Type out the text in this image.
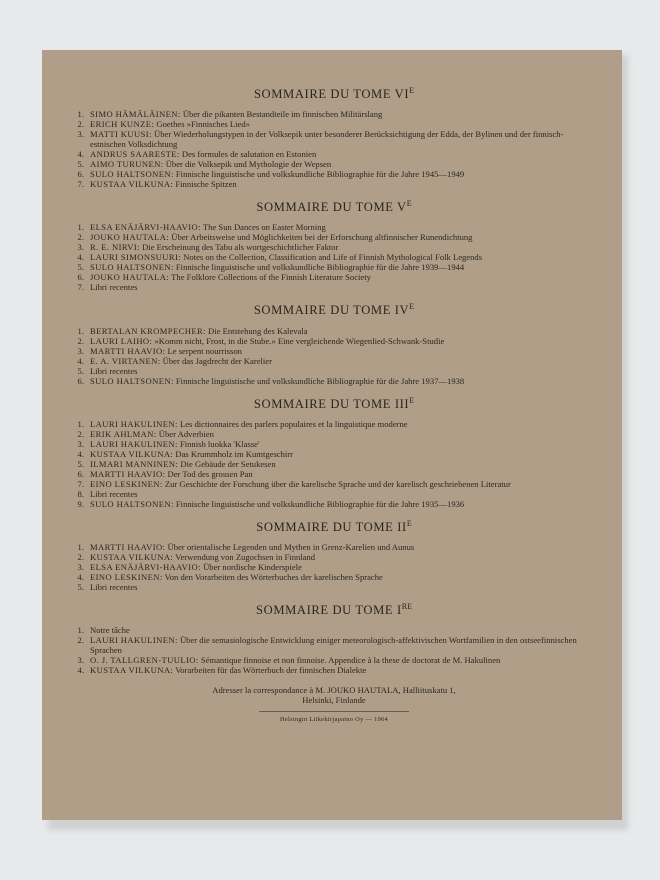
SOMMAIRE DU TOME $VI^E$
1. SIMO HÄMÄLÄINEN: Über die pikanten Bestandteile im finnischen Militärslang
2. ERICH KUNZE: Goethes »Finnisches Lied»
3. MATTI KUUSI: Über Wiederholungstypen in der Volksepik unter besonderer Berücksichtigung der Edda, der Bylinen und der finnisch-estnischen Volksdichtung
4. ANDRUS SAARESTE: Des formules de salutation en Estonien
5. AIMO TURUNEN: Über die Volksepik und Mythologie der Wepsen
6. SULO HALTSONEN: Finnische linguistische und volkskundliche Bibliographie für die Jahre 1945—1949
7. KUSTAA VILKUNA: Finnische Spitzen
SOMMAIRE DU TOME $V^E$
1. ELSA ENÄJÄRVI-HAAVIO: The Sun Dances on Easter Morning
2. JOUKO HAUTALA: Über Arbeitsweise und Möglichkeiten bei der Erforschung altfinnischer Runendichtung
3. R. E. NIRVI: Die Erscheinung des Tabu als wortgeschichtlicher Faktor
4. LAURI SIMONSUURI: Notes on the Collection, Classification and Life of Finnish Mythological Folk Legends
5. SULO HALTSONEN: Finnische linguistische und volkskundliche Bibliographie für die Jahre 1939—1944
6. JOUKO HAUTALA: The Folklore Collections of the Finnish Literature Society
7. Libri recentes
SOMMAIRE DU TOME $IV^E$
1. BERTALAN KROMPECHER: Die Entstehung des Kalevala
2. LAURI LAIHO: »Komm nicht, Frost, in die Stube.» Eine vergleichende Wiegenlied-Schwank-Studie
3. MARTTI HAAVIO: Le serpent nourrisson
4. E. A. VIRTANEN: Über das Jagdrecht der Karelier
5. Libri recentes
6. SULO HALTSONEN: Finnische linguistische und volkskundliche Bibliographie für die Jahre 1937—1938
SOMMAIRE DU TOME $III^E$
1. LAURI HAKULINEN: Les dictionnaires des parlers populaires et la linguistique moderne
2. ERIK AHLMAN: Über Adverbien
3. LAURI HAKULINEN: Finnish luokka 'Klasse'
4. KUSTAA VILKUNA: Das Krummholz im Kumtgeschirr
5. ILMARI MANNINEN: Die Gebäude der Setukesen
6. MARTTI HAAVIO: Der Tod des grossen Pan
7. EINO LESKINEN: Zur Geschichte der Forschung über die karelische Sprache und der karelisch geschriebenen Literatur
8. Libri recentes
9. SULO HALTSONEN: Finnische linguistische und volkskundliche Bibliographie für die Jahre 1935—1936
SOMMAIRE DU TOME $II^E$
1. MARTTI HAAVIO: Über orientalische Legenden und Mythen in Grenz-Karelien und Aunus
2. KUSTAA VILKUNA: Verwendung von Zugochsen in Finnland
3. ELSA ENÄJÄRVI-HAAVIO: Über nordische Kinderspiele
4. EINO LESKINEN: Von den Vorarbeiten des Wörterbuches der karelischen Sprache
5. Libri recentes
SOMMAIRE DU TOME IRE
1. Notre tâche
2. LAURI HAKULINEN: Über die semasiologische Entwicklung einiger meteorologisch-affektivischen Wortfamilien in den ostseefinnischen Sprachen
3. O. J. TALLGREN-TUULIO: Sémantique finnoise et non finnoise. Appendice à la these de doctorat de M. Hakulinen
4. KUSTAA VILKUNA: Vorarbeiten für das Wörterbuch der finnischen Dialekte
Adresser la correspondance à M. JOUKO HAUTALA, Halliituskatu 1,
Helsinki, Finlande
Helsingin Liikekirjapaino Oy — 1964
